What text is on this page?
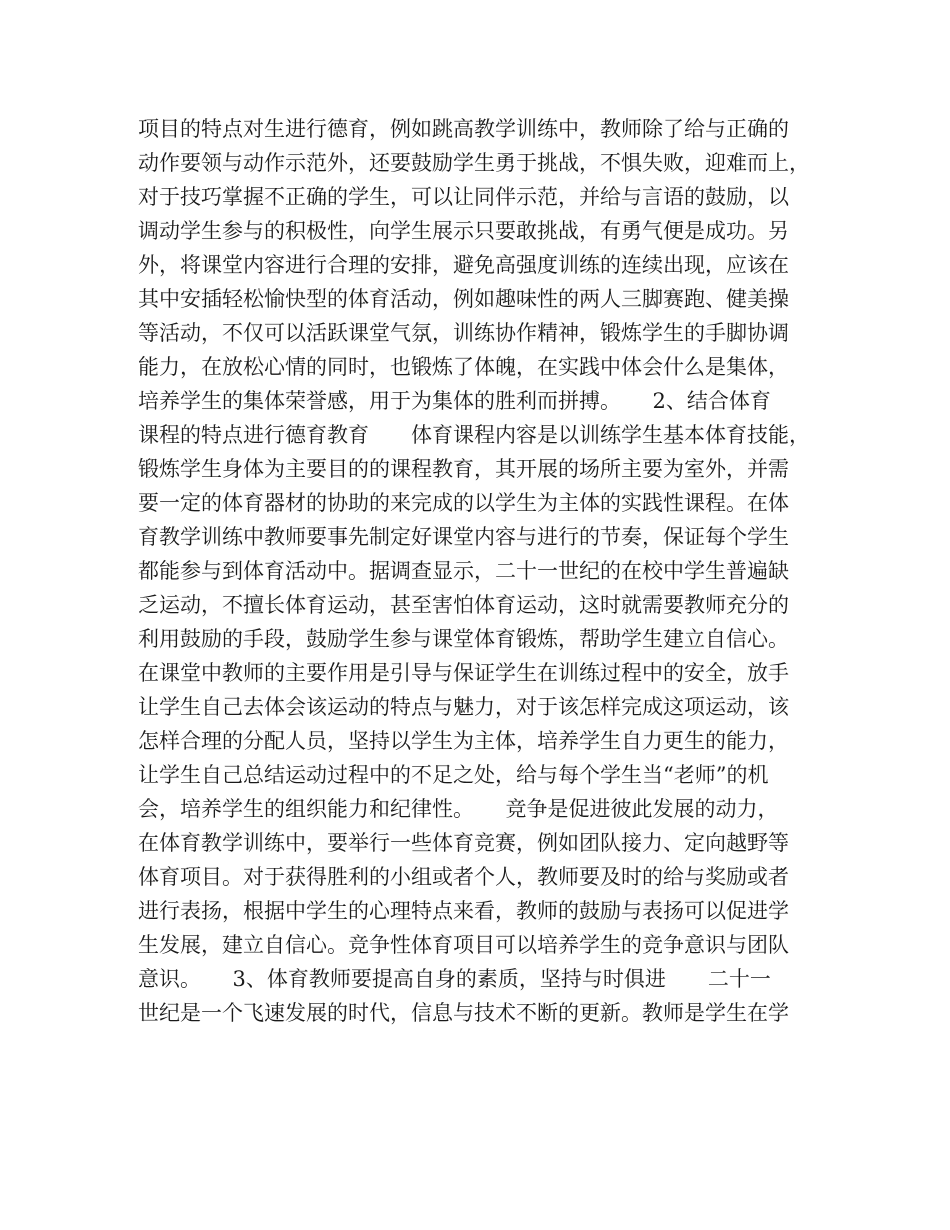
项目的特点对生进行德育，例如跳高教学训练中，教师除了给与正确的
动作要领与动作示范外，还要鼓励学生勇于挑战，不惧失败，迎难而上，
对于技巧掌握不正确的学生，可以让同伴示范，并给与言语的鼓励，以
调动学生参与的积极性，向学生展示只要敢挑战，有勇气便是成功。另
外，将课堂内容进行合理的安排，避免高强度训练的连续出现，应该在
其中安插轻松愉快型的体育活动，例如趣味性的两人三脚赛跑、健美操
等活动，不仅可以活跃课堂气氛，训练协作精神，锻炼学生的手脚协调
能力，在放松心情的同时，也锻炼了体魄，在实践中体会什么是集体，
培养学生的集体荣誉感，用于为集体的胜利而拼搏。　　2、结合体育
课程的特点进行德育教育　　体育课程内容是以训练学生基本体育技能，
锻炼学生身体为主要目的的课程教育，其开展的场所主要为室外，并需
要一定的体育器材的协助的来完成的以学生为主体的实践性课程。在体
育教学训练中教师要事先制定好课堂内容与进行的节奏，保证每个学生
都能参与到体育活动中。据调查显示，二十一世纪的在校中学生普遍缺
乏运动，不擅长体育运动，甚至害怕体育运动，这时就需要教师充分的
利用鼓励的手段，鼓励学生参与课堂体育锻炼，帮助学生建立自信心。
在课堂中教师的主要作用是引导与保证学生在训练过程中的安全，放手
让学生自己去体会该运动的特点与魅力，对于该怎样完成这项运动，该
怎样合理的分配人员，坚持以学生为主体，培养学生自力更生的能力，
让学生自己总结运动过程中的不足之处，给与每个学生当“老师”的机
会，培养学生的组织能力和纪律性。　　竞争是促进彼此发展的动力，
在体育教学训练中，要举行一些体育竞赛，例如团队接力、定向越野等
体育项目。对于获得胜利的小组或者个人，教师要及时的给与奖励或者
进行表扬，根据中学生的心理特点来看，教师的鼓励与表扬可以促进学
生发展，建立自信心。竞争性体育项目可以培养学生的竞争意识与团队
意识。　　3、体育教师要提高自身的素质，坚持与时俱进　　二十一
世纪是一个飞速发展的时代，信息与技术不断的更新。教师是学生在学
